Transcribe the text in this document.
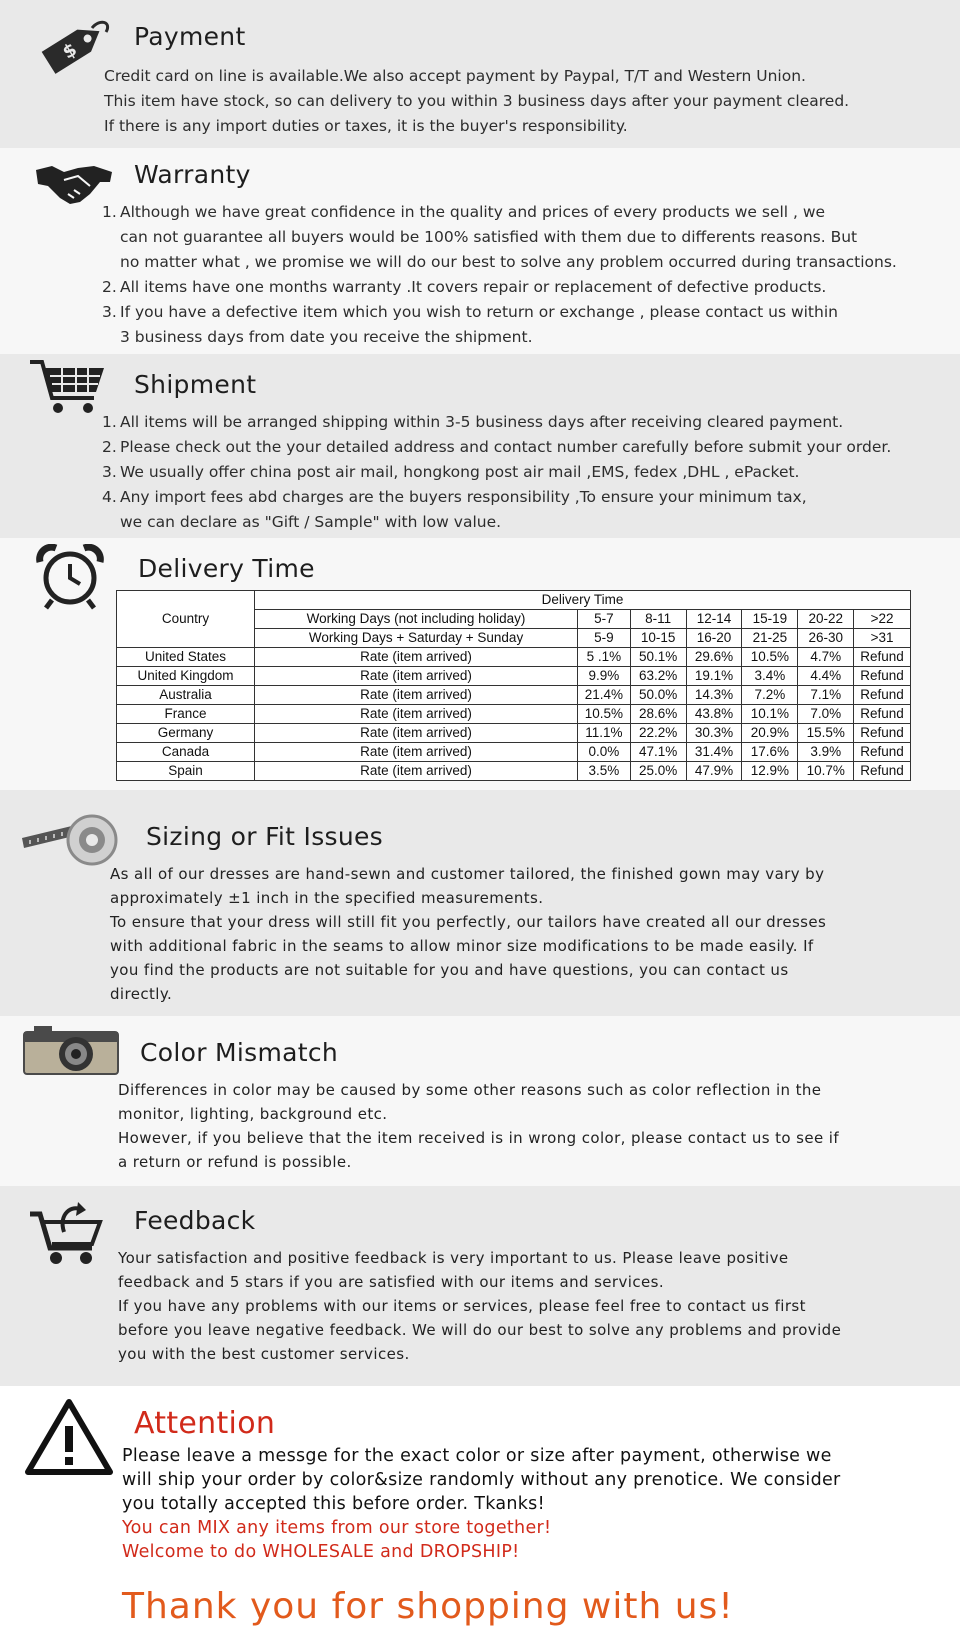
$
Payment

Credit card on line is available.We also accept payment by Paypal, T/T and Western Union.

This item have stock, so can delivery to you within 3 business days after your payment cleared.

If there is any import duties or taxes, it is the buyer's responsibility.

Warranty
1. Although we have great confidence in the quality and prices of every products we sell , we

can not guarantee all buyers would be 100% satisfied with them due to differents reasons. But

no matter what , we promise we will do our best to solve any problem occurred during transactions.

2. All items have one months warranty .It covers repair or replacement of defective products.

3. If you have a defective item which you wish to return or exchange , please contact us within

3 business days from date you receive the shipment.

Shipment
1. All items will be arranged shipping within 3-5 business days after receiving cleared payment.

2. Please check out the your detailed address and contact number carefully before submit your order.

3. We usually offer china post air mail, hongkong post air mail ,EMS, fedex ,DHL , ePacket.

4. Any import fees abd charges are the buyers responsibility ,To ensure your minimum tax,

we can declare as "Gift / Sample" with low value.

Delivery Time
Country	Delivery Time						
	Working Days (not including holiday)	5-7	8-11	12-14	15-19	20-22	>22
	Working Days + Saturday + Sunday	5-9	10-15	16-20	21-25	26-30	>31
United States	Rate (item arrived)	5 .1%	50.1%	29.6%	10.5%	4.7%	Refund
United Kingdom	Rate (item arrived)	9.9%	63.2%	19.1%	3.4%	4.4%	Refund
Australia	Rate (item arrived)	21.4%	50.0%	14.3%	7.2%	7.1%	Refund
France	Rate (item arrived)	10.5%	28.6%	43.8%	10.1%	7.0%	Refund
Germany	Rate (item arrived)	11.1%	22.2%	30.3%	20.9%	15.5%	Refund
Canada	Rate (item arrived)	0.0%	47.1%	31.4%	17.6%	3.9%	Refund
Spain	Rate (item arrived)	3.5%	25.0%	47.9%	12.9%	10.7%	Refund
Sizing or Fit Issues

As all of our dresses are hand-sewn and customer tailored, the finished gown may vary by

approximately ±1 inch in the specified measurements.

To ensure that your dress will still fit you perfectly, our tailors have created all our dresses

with additional fabric in the seams to allow minor size modifications to be made easily. If

you find the products are not suitable for you and have questions, you can contact us

directly.

Color Mismatch

Differences in color may be caused by some other reasons such as color reflection in the

monitor, lighting, background etc.

However, if you believe that the item received is in wrong color, please contact us to see if

a return or refund is possible.

Feedback

Your satisfaction and positive feedback is very important to us. Please leave positive

feedback and 5 stars if you are satisfied with our items and services.

If you have any problems with our items or services, please feel free to contact us first

before you leave negative feedback. We will do our best to solve any problems and provide

you with the best customer services.

Attention

Please leave a messge for the exact color or size after payment, otherwise we

will ship your order by color&size randomly without any prenotice. We consider

you totally accepted this before order. Tkanks!

You can MIX any items from our store together!

Welcome to do WHOLESALE and DROPSHIP!

Thank you for shopping with us!
